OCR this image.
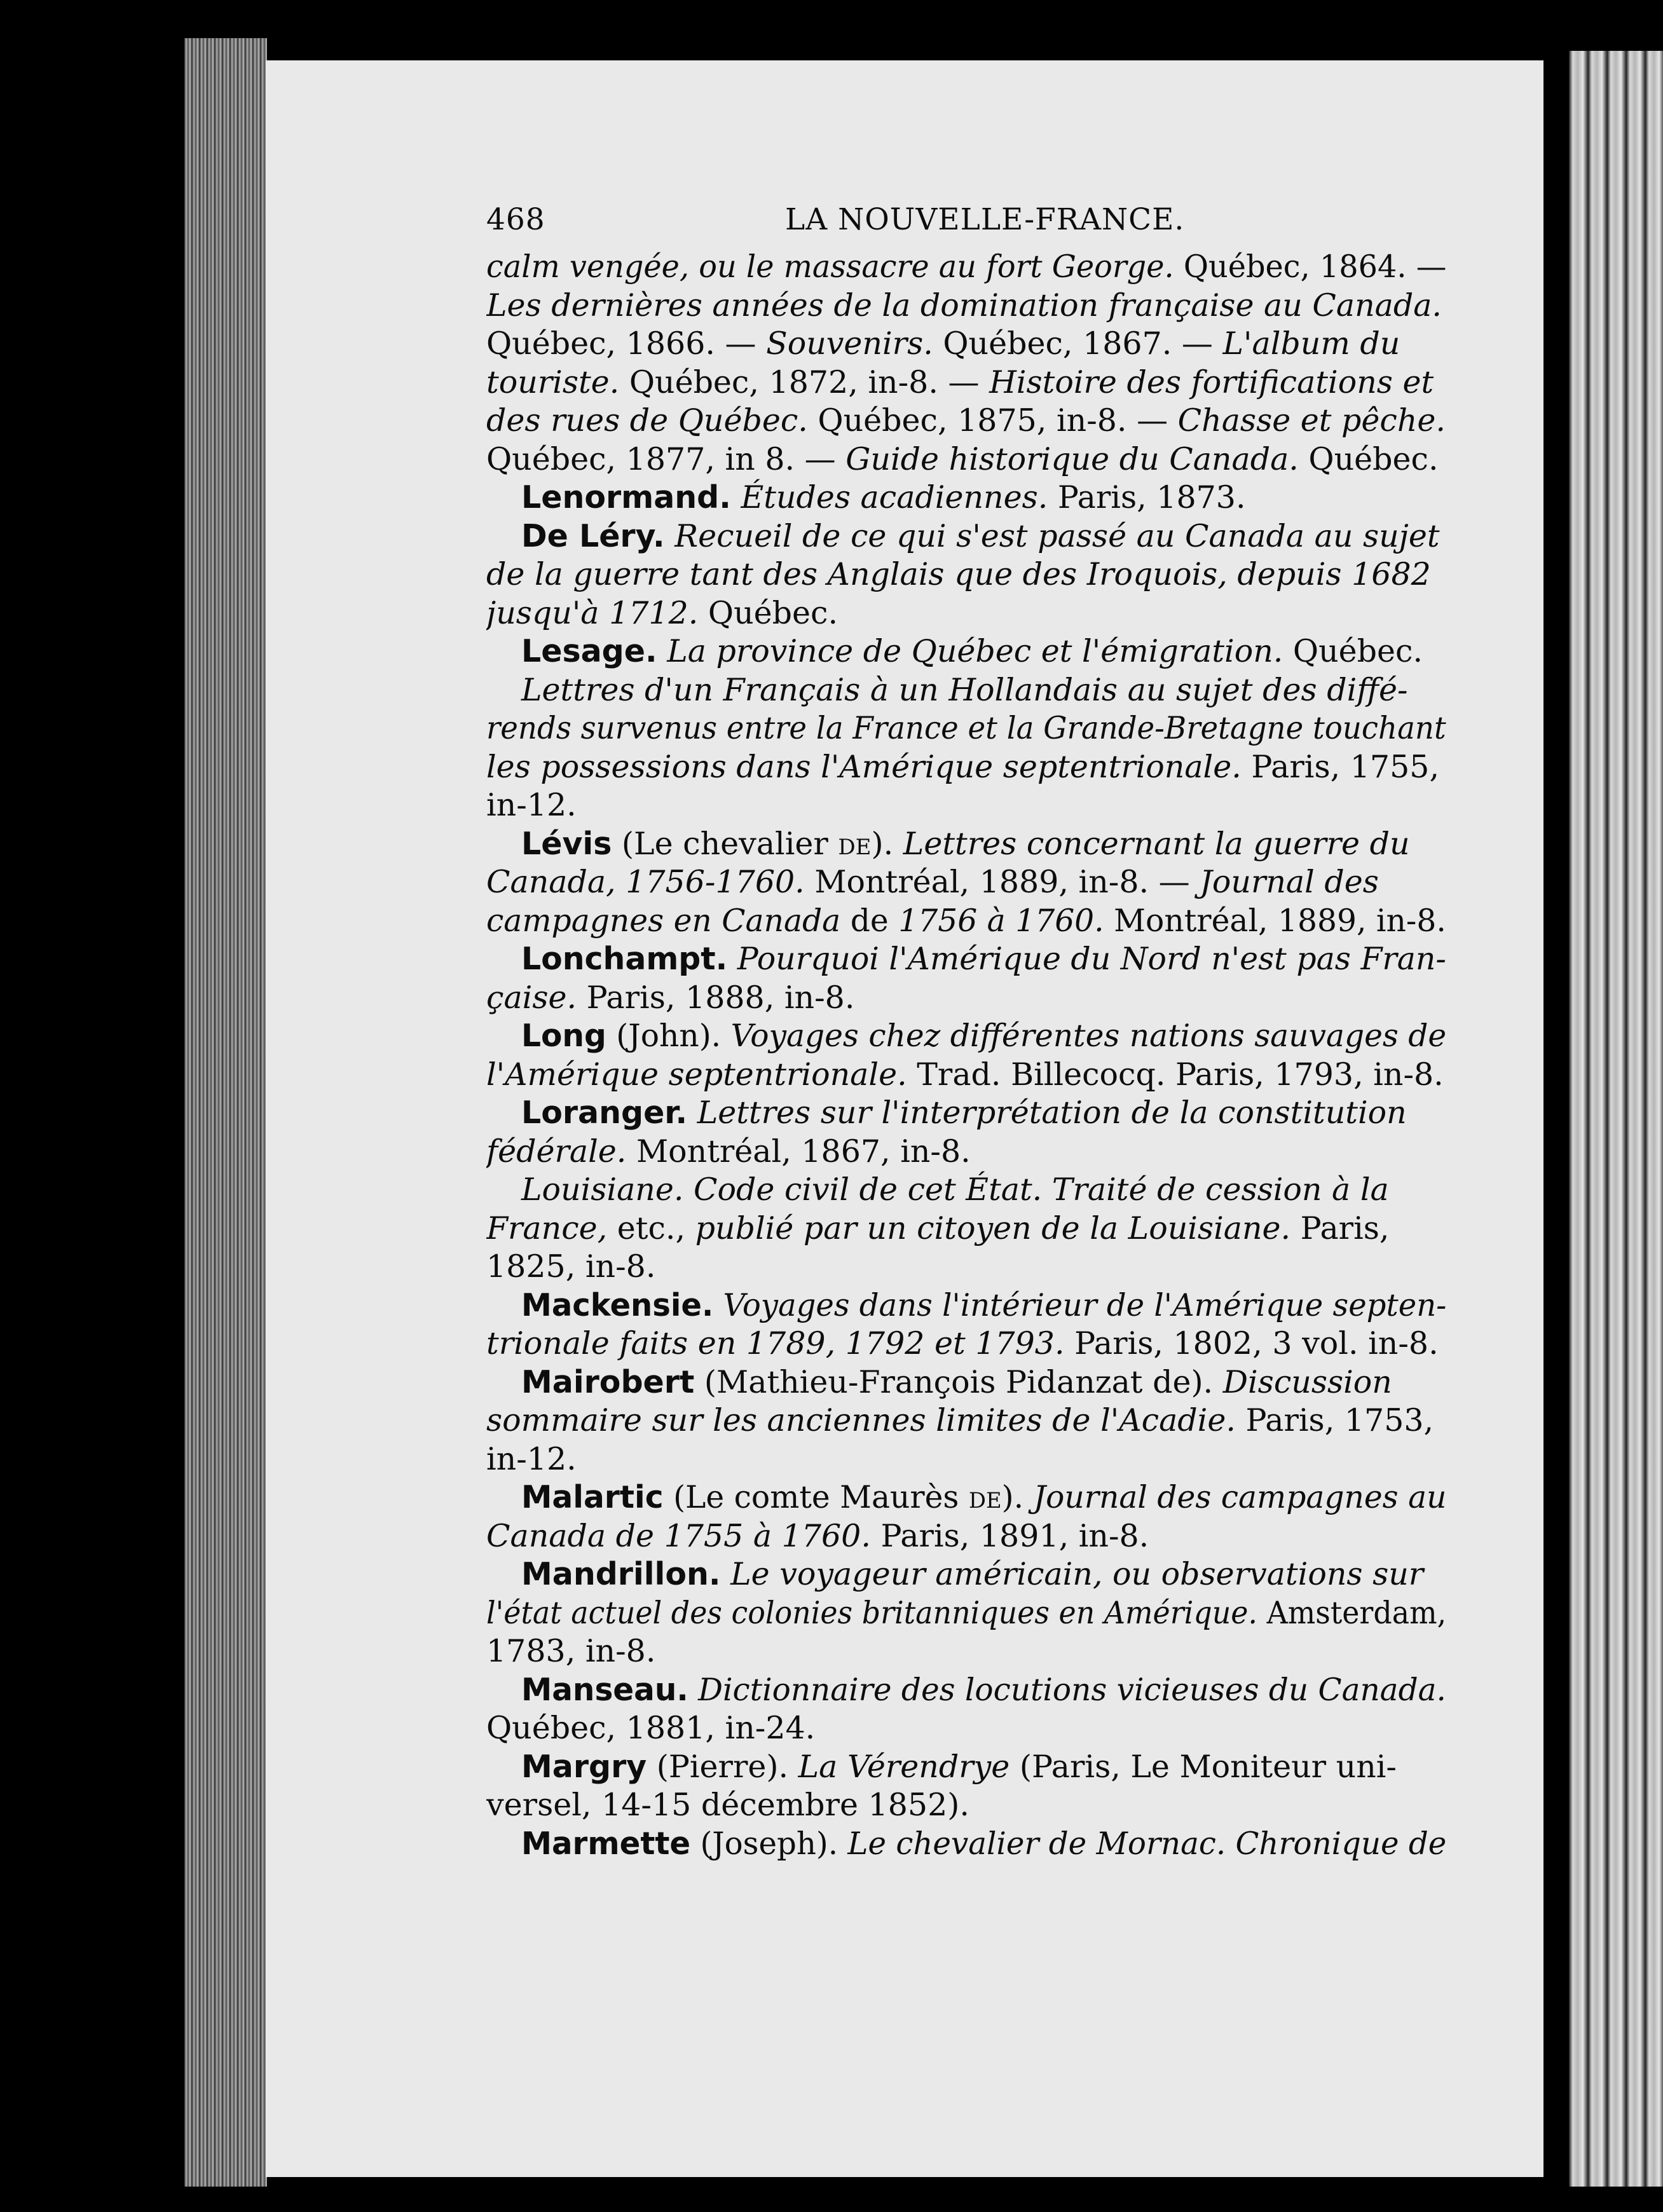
468	LA NOUVELLE-FRANCE.
calm vengée, ou le massacre au fort George. Québec, 1864. —
Les dernières années de la domination française au Canada.
Québec, 1866. — Souvenirs. Québec, 1867. — L'album du
touriste. Québec, 1872, in-8. — Histoire des fortifications et
des rues de Québec. Québec, 1875, in-8. — Chasse et pêche.
Québec, 1877, in 8. — Guide historique du Canada. Québec.
Lenormand. Études acadiennes. Paris, 1873.
De Léry. Recueil de ce qui s'est passé au Canada au sujet
de la guerre tant des Anglais que des Iroquois, depuis 1682
jusqu'à 1712. Québec.
Lesage. La province de Québec et l'émigration. Québec.
Lettres d'un Français à un Hollandais au sujet des diffé-
rends survenus entre la France et la Grande-Bretagne touchant
les possessions dans l'Amérique septentrionale. Paris, 1755,
in-12.
Lévis (Le chevalier de). Lettres concernant la guerre du
Canada, 1756-1760. Montréal, 1889, in-8. — Journal des
campagnes en Canada de 1756 à 1760. Montréal, 1889, in-8.
Lonchampt. Pourquoi l'Amérique du Nord n'est pas Fran-
çaise. Paris, 1888, in-8.
Long (John). Voyages chez différentes nations sauvages de
l'Amérique septentrionale. Trad. Billecocq. Paris, 1793, in-8.
Loranger. Lettres sur l'interprétation de la constitution
fédérale. Montréal, 1867, in-8.
Louisiane. Code civil de cet État. Traité de cession à la
France, etc., publié par un citoyen de la Louisiane. Paris,
1825, in-8.
Mackensie. Voyages dans l'intérieur de l'Amérique septen-
trionale faits en 1789, 1792 et 1793. Paris, 1802, 3 vol. in-8.
Mairobert (Mathieu-François Pidanzat de). Discussion
sommaire sur les anciennes limites de l'Acadie. Paris, 1753,
in-12.
Malartic (Le comte Maurès de). Journal des campagnes au
Canada de 1755 à 1760. Paris, 1891, in-8.
Mandrillon. Le voyageur américain, ou observations sur
l'état actuel des colonies britanniques en Amérique. Amsterdam,
1783, in-8.
Manseau. Dictionnaire des locutions vicieuses du Canada.
Québec, 1881, in-24.
Margry (Pierre). La Vérendrye (Paris, Le Moniteur uni-
versel, 14-15 décembre 1852).
Marmette (Joseph). Le chevalier de Mornac. Chronique de
